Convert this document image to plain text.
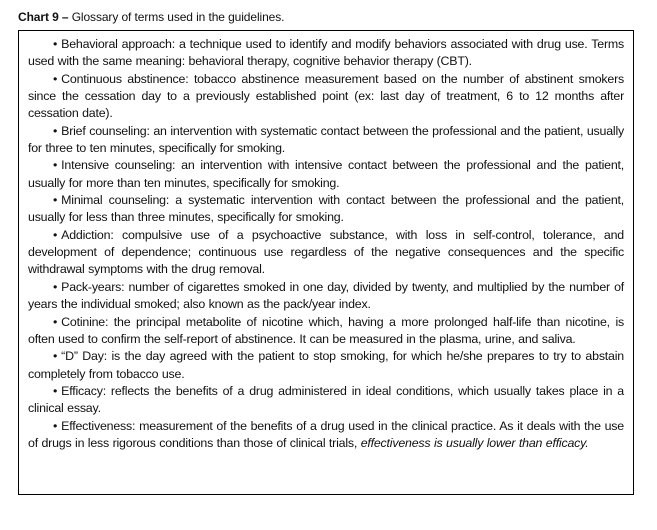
Chart 9 – Glossary of terms used in the guidelines.

• Behavioral approach: a technique used to identify and modify behaviors associated with drug use. Terms used with the same meaning: behavioral therapy, cognitive behavior therapy (CBT).

• Continuous abstinence: tobacco abstinence measurement based on the number of abstinent smokers since the cessation day to a previously established point (ex: last day of treatment, 6 to 12 months after cessation date).

• Brief counseling: an intervention with systematic contact between the professional and the patient, usually for three to ten minutes, specifically for smoking.

• Intensive counseling: an intervention with intensive contact between the professional and the patient, usually for more than ten minutes, specifically for smoking.

• Minimal counseling: a systematic intervention with contact between the professional and the patient, usually for less than three minutes, specifically for smoking.

• Addiction: compulsive use of a psychoactive substance, with loss in self-control, tolerance, and development of dependence; continuous use regardless of the negative consequences and the specific withdrawal symptoms with the drug removal.

• Pack-years: number of cigarettes smoked in one day, divided by twenty, and multiplied by the number of years the individual smoked; also known as the pack/year index.

• Cotinine: the principal metabolite of nicotine which, having a more prolonged half-life than nicotine, is often used to confirm the self-report of abstinence. It can be measured in the plasma, urine, and saliva.

• “D” Day: is the day agreed with the patient to stop smoking, for which he/she prepares to try to abstain completely from tobacco use.

• Efficacy: reflects the benefits of a drug administered in ideal conditions, which usually takes place in a clinical essay.

• Effectiveness: measurement of the benefits of a drug used in the clinical practice. As it deals with the use of drugs in less rigorous conditions than those of clinical trials, effectiveness is usually lower than efficacy.
